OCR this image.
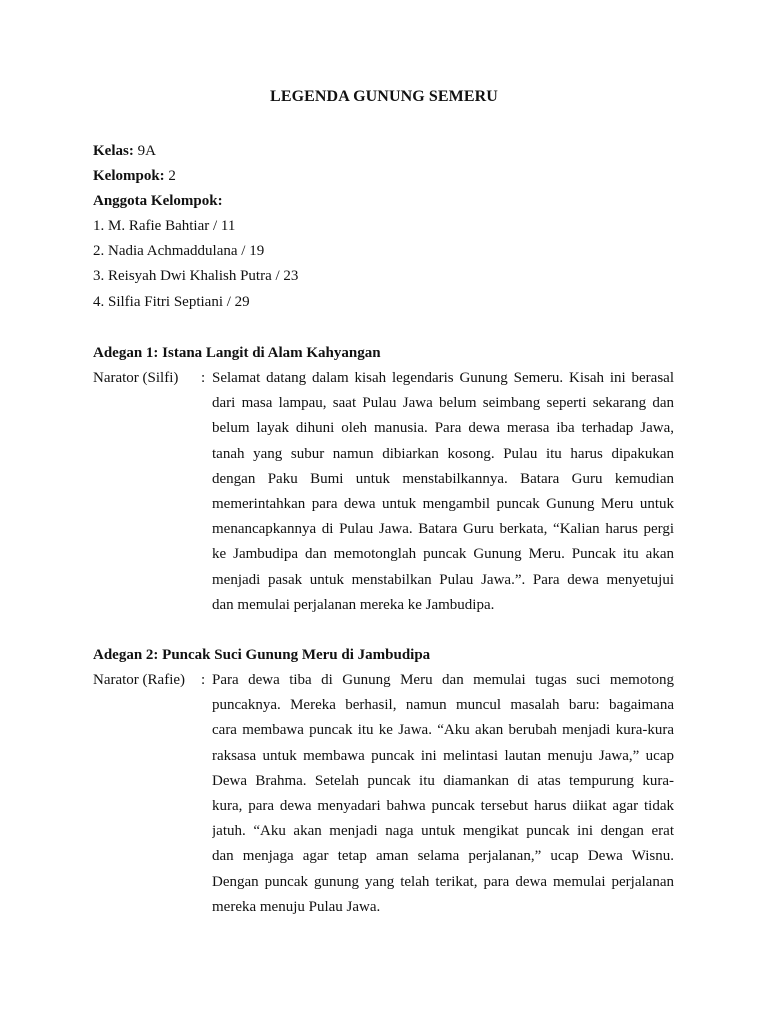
LEGENDA GUNUNG SEMERU
Kelas: 9A
Kelompok: 2
Anggota Kelompok:
1. M. Rafie Bahtiar / 11
2. Nadia Achmaddulana / 19
3. Reisyah Dwi Khalish Putra / 23
4. Silfia Fitri Septiani / 29
Adegan 1: Istana Langit di Alam Kahyangan
Narator (Silfi) : Selamat datang dalam kisah legendaris Gunung Semeru. Kisah ini berasal
dari masa lampau, saat Pulau Jawa belum seimbang seperti sekarang dan
belum layak dihuni oleh manusia. Para dewa merasa iba terhadap Jawa,
tanah yang subur namun dibiarkan kosong. Pulau itu harus dipakukan
dengan Paku Bumi untuk menstabilkannya. Batara Guru kemudian
memerintahkan para dewa untuk mengambil puncak Gunung Meru untuk
menancapkannya di Pulau Jawa. Batara Guru berkata, “Kalian harus pergi
ke Jambudipa dan memotonglah puncak Gunung Meru. Puncak itu akan
menjadi pasak untuk menstabilkan Pulau Jawa.”. Para dewa menyetujui
dan memulai perjalanan mereka ke Jambudipa.
Adegan 2: Puncak Suci Gunung Meru di Jambudipa
Narator (Rafie) : Para dewa tiba di Gunung Meru dan memulai tugas suci memotong
puncaknya. Mereka berhasil, namun muncul masalah baru: bagaimana
cara membawa puncak itu ke Jawa. “Aku akan berubah menjadi kura-kura
raksasa untuk membawa puncak ini melintasi lautan menuju Jawa,” ucap
Dewa Brahma. Setelah puncak itu diamankan di atas tempurung kura-
kura, para dewa menyadari bahwa puncak tersebut harus diikat agar tidak
jatuh. “Aku akan menjadi naga untuk mengikat puncak ini dengan erat
dan menjaga agar tetap aman selama perjalanan,” ucap Dewa Wisnu.
Dengan puncak gunung yang telah terikat, para dewa memulai perjalanan
mereka menuju Pulau Jawa.
